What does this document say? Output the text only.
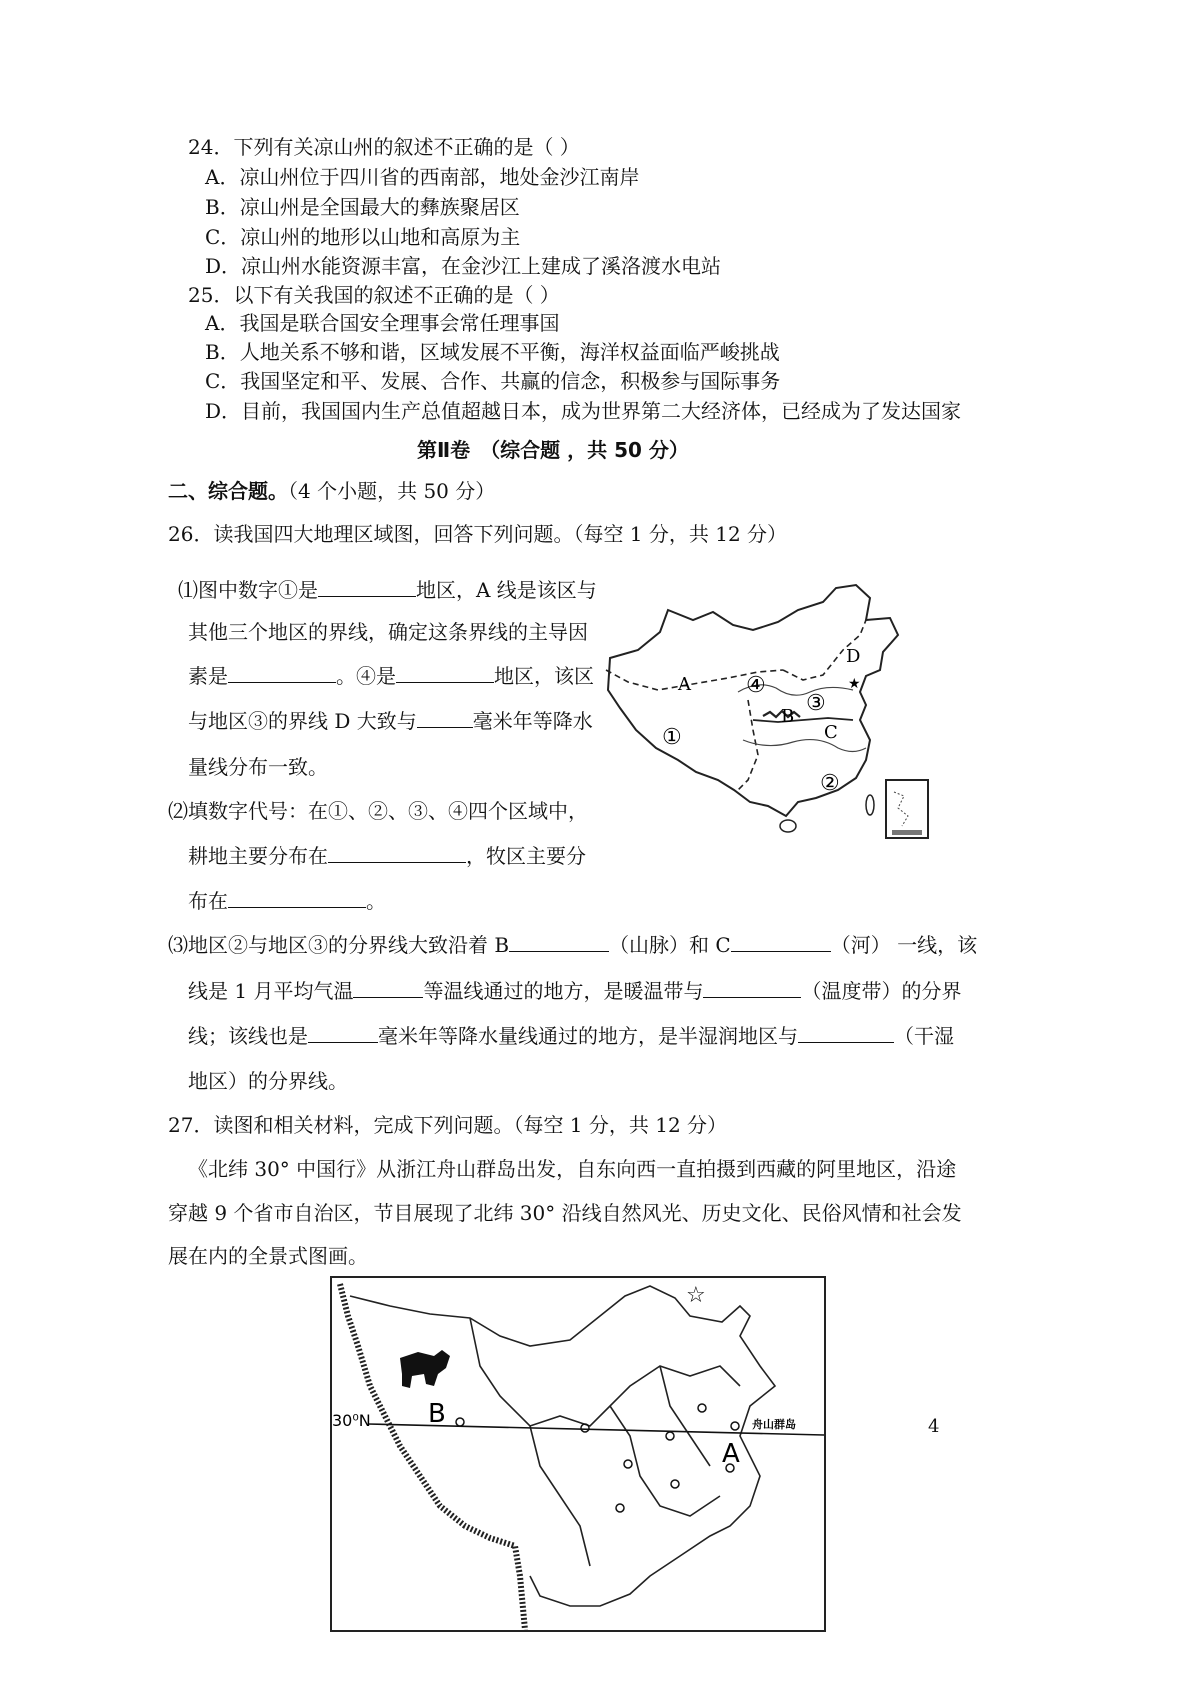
24．下列有关凉山州的叙述不正确的是（ ）
A．凉山州位于四川省的西南部，地处金沙江南岸
B．凉山州是全国最大的彝族聚居区
C．凉山州的地形以山地和高原为主
D．凉山州水能资源丰富，在金沙江上建成了溪洛渡水电站
25．以下有关我国的叙述不正确的是（ ）
A．我国是联合国安全理事会常任理事国
B．人地关系不够和谐，区域发展不平衡，海洋权益面临严峻挑战
C．我国坚定和平、发展、合作、共赢的信念，积极参与国际事务
D．目前，我国国内生产总值超越日本，成为世界第二大经济体，已经成为了发达国家
第Ⅱ卷　（综合题 ，共 50 分）
二、综合题。（4 个小题，共 50 分）
26．读我国四大地理区域图，回答下列问题。（每空 1 分，共 12 分）
⑴图中数字①是	地区，A 线是该区与
其他三个地区的界线，确定这条界线的主导因
素是	。④是	地区，该区
与地区③的界线 D 大致与	毫米年等降水
量线分布一致。
⑵填数字代号：在①、②、③、④四个区域中，
耕地主要分布在	，牧区主要分
布在	。
⑶地区②与地区③的分界线大致沿着 B	（山脉）和 C	（河） 一线，该
线是 1 月平均气温	等温线通过的地方，是暖温带与	（温度带）的分界
线；该线也是	毫米年等降水量线通过的地方，是半湿润地区与	（干湿
地区）的分界线。
★
A
B
C
D
①
②
③
④
27．读图和相关材料，完成下列问题。（每空 1 分，共 12 分）
《北纬 30° 中国行》从浙江舟山群岛出发，自东向西一直拍摄到西藏的阿里地区，沿途
穿越 9 个省市自治区，节目展现了北纬 30° 沿线自然风光、历史文化、民俗风情和社会发
展在内的全景式图画。
30⁰N B
A
舟山群岛
☆
4
